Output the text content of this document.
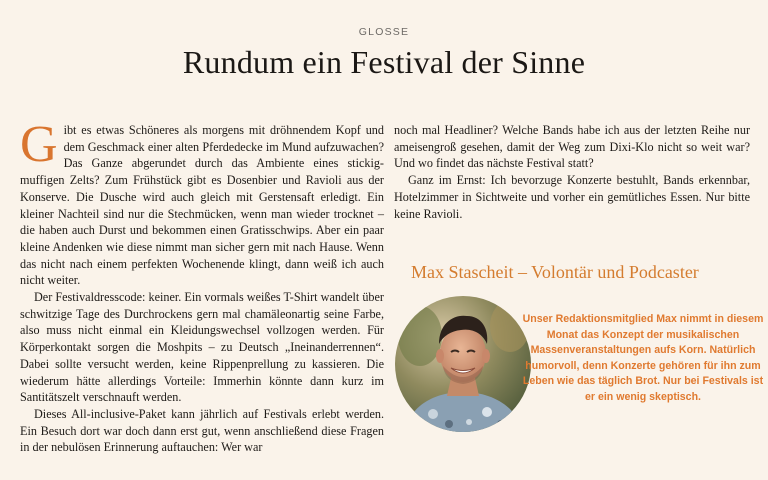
GLOSSE
Rundum ein Festival der Sinne

Gibt es etwas Schöneres als morgens mit dröhnendem Kopf und dem Geschmack einer alten Pferdedecke im Mund aufzuwachen? Das Ganze abgerundet durch das Ambiente eines stickig-muffigen Zelts? Zum Frühstück gibt es Dosenbier und Ravioli aus der Konserve. Die Dusche wird auch gleich mit Gerstensaft erledigt. Ein kleiner Nachteil sind nur die Stechmücken, wenn man wieder trocknet – die haben auch Durst und bekommen einen Gratisschwips. Aber ein paar kleine Andenken wie diese nimmt man sicher gern mit nach Hause. Wenn das nicht nach einem perfekten Wochenende klingt, dann weiß ich auch nicht weiter.

Der Festivaldresscode: keiner. Ein vormals weißes T-Shirt wandelt über schwitzige Tage des Durchrockens gern mal chamäleonartig seine Farbe, also muss nicht einmal ein Kleidungswechsel vollzogen werden. Für Körperkontakt sorgen die Moshpits – zu Deutsch „Ineinanderrennen“. Dabei sollte versucht werden, keine Rippenprellung zu kassieren. Die wiederum hätte allerdings Vorteile: Immerhin könnte dann kurz im Santitätszelt verschnauft werden.

Dieses All-inclusive-Paket kann jährlich auf Festivals erlebt werden. Ein Besuch dort war doch dann erst gut, wenn anschließend diese Fragen in der nebulösen Erinnerung auftauchen: Wer war

noch mal Headliner? Welche Bands habe ich aus der letzten Reihe nur ameisengroß gesehen, damit der Weg zum Dixi-Klo nicht so weit war? Und wo findet das nächste Festival statt?

Ganz im Ernst: Ich bevorzuge Konzerte bestuhlt, Bands erkennbar, Hotelzimmer in Sichtweite und vorher ein gemütliches Essen. Nur bitte keine Ravioli.

Max Stascheit – Volontär und Podcaster
Unser Redaktionsmitglied Max nimmt in diesem Monat das Konzept der musikalischen Massenveranstaltungen aufs Korn. Natürlich humorvoll, denn Konzerte gehören für ihn zum Leben wie das täglich Brot. Nur bei Festivals ist er ein wenig skeptisch.
